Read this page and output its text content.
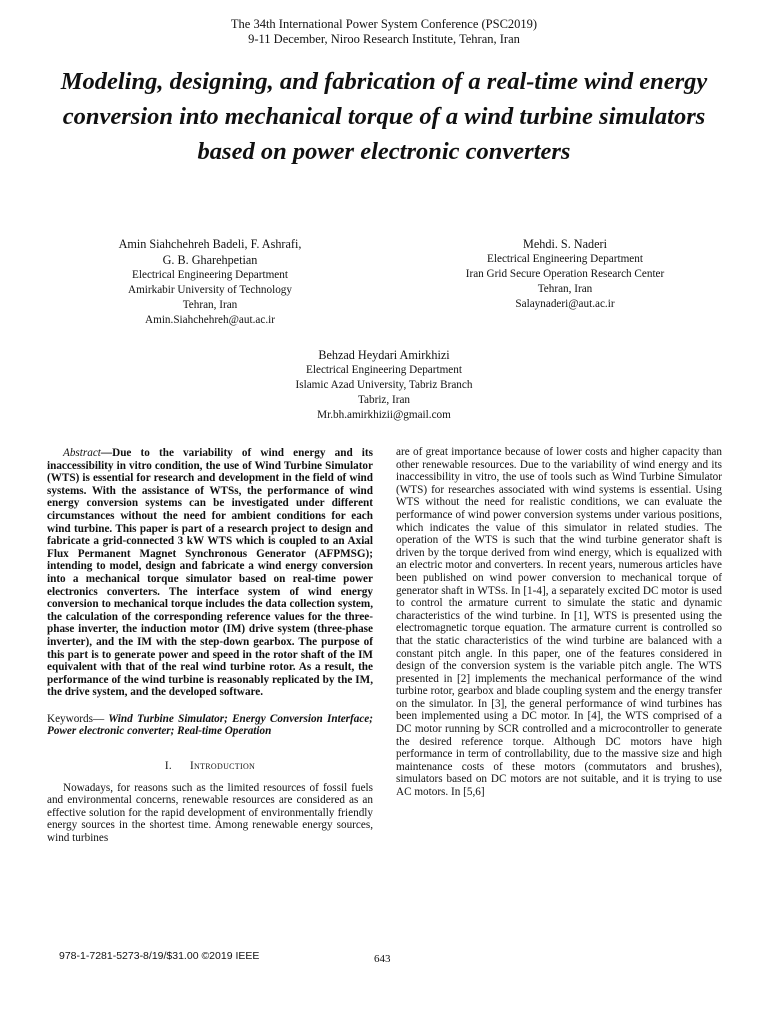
The 34th International Power System Conference (PSC2019)
9-11 December, Niroo Research Institute, Tehran, Iran
Modeling, designing, and fabrication of a real-time wind energy conversion into mechanical torque of a wind turbine simulators based on power electronic converters
Amin Siahchehreh Badeli, F. Ashrafi,
G. B. Gharehpetian
Electrical Engineering Department
Amirkabir University of Technology
Tehran, Iran
Amin.Siahchehreh@aut.ac.ir
Mehdi. S. Naderi
Electrical Engineering Department
Iran Grid Secure Operation Research Center
Tehran, Iran
Salaynaderi@aut.ac.ir
Behzad Heydari Amirkhizi
Electrical Engineering Department
Islamic Azad University, Tabriz Branch
Tabriz, Iran
Mr.bh.amirkhizii@gmail.com

Abstract—Due to the variability of wind energy and its inaccessibility in vitro condition, the use of Wind Turbine Simulator (WTS) is essential for research and development in the field of wind systems. With the assistance of WTSs, the performance of wind energy conversion systems can be investigated under different circumstances without the need for ambient conditions for each wind turbine. This paper is part of a research project to design and fabricate a grid-connected 3 kW WTS which is coupled to an Axial Flux Permanent Magnet Synchronous Generator (AFPMSG); intending to model, design and fabricate a wind energy conversion into a mechanical torque simulator based on real-time power electronics converters. The interface system of wind energy conversion to mechanical torque includes the data collection system, the calculation of the corresponding reference values for the three-phase inverter, the induction motor (IM) drive system (three-phase inverter), and the IM with the step-down gearbox. The purpose of this part is to generate power and speed in the rotor shaft of the IM equivalent with that of the real wind turbine rotor. As a result, the performance of the wind turbine is reasonably replicated by the IM, the drive system, and the developed software.

Keywords— Wind Turbine Simulator; Energy Conversion Interface; Power electronic converter; Real-time Operation

I. Introduction

Nowadays, for reasons such as the limited resources of fossil fuels and environmental concerns, renewable resources are considered as an effective solution for the rapid development of environmentally friendly energy sources in the shortest time. Among renewable energy sources, wind turbines

are of great importance because of lower costs and higher capacity than other renewable resources. Due to the variability of wind energy and its inaccessibility in vitro, the use of tools such as Wind Turbine Simulator (WTS) for researches associated with wind systems is essential. Using WTS without the need for realistic conditions, we can evaluate the performance of wind power conversion systems under various positions, which indicates the value of this simulator in related studies. The operation of the WTS is such that the wind turbine generator shaft is driven by the torque derived from wind energy, which is equalized with an electric motor and converters. In recent years, numerous articles have been published on wind power conversion to mechanical torque of generator shaft in WTSs. In [1-4], a separately excited DC motor is used to control the armature current to simulate the static and dynamic characteristics of the wind turbine. In [1], WTS is presented using the electromagnetic torque equation. The armature current is controlled so that the static characteristics of the wind turbine are balanced with a constant pitch angle. In this paper, one of the features considered in design of the conversion system is the variable pitch angle. The WTS presented in [2] implements the mechanical performance of the wind turbine rotor, gearbox and blade coupling system and the energy transfer on the simulator. In [3], the general performance of wind turbines has been implemented using a DC motor. In [4], the WTS comprised of a DC motor running by SCR controlled and a microcontroller to generate the desired reference torque. Although DC motors have high performance in term of controllability, due to the massive size and high maintenance costs of these motors (commutators and brushes), simulators based on DC motors are not suitable, and it is trying to use AC motors. In [5,6]

978-1-7281-5273-8/19/$31.00 ©2019 IEEE	643
